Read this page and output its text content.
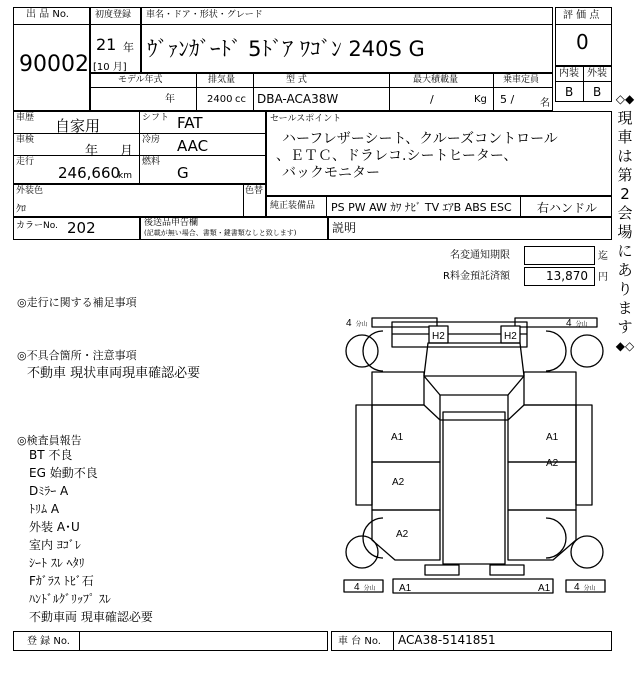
出 品 No.
90002
初度登録
21 年
[10 月]
車名・ドア・形状・グレード
ｳﾞｧﾝｶﾞｰﾄﾞ 5ﾄﾞｱ ﾜｺﾞﾝ 240S G
評 価 点
0
モデル年式
年
排気量
2400 cc
型 式
DBA-ACA38W
最大積載量
/	Kg
乗車定員
5 /	名
内装 外装
B B
車歴 自家用	シフト FAT
車検
年 月
冷房 AAC
走行
246,660
km
燃料
G
外装色
ｸﾛ
色替
カラーNo. 202	後送品申告欄
(記載が無い場合、書類・鍵書類なしと致します)
セールスポイント
ハーフレザーシート、クルーズコントロール
、ＥＴＣ、ドラレコ.シートヒーター、
バックモニター
純正装備品 PS PW AW ｶﾜ ﾅﾋﾞ TV ｴｱB ABS ESC 右ハンドル
説明
名変通知期限	迄
R料金預託済額	13,870 円
◇◆
現
車
は
第
2
会
場
に
あ
り
ま
す
◆◇
◎走行に関する補足事項
◎不具合箇所・注意事項
不動車 現状車両現車確認必要
◎検査員報告
BT 不良
EG 始動不良
Dﾐﾗｰ A
ﾄﾘﾑ A
外装 A･U
室内 ﾖｺﾞﾚ
ｼｰﾄ ｽﾚ ﾍﾀﾘ
Fｶﾞﾗｽ ﾄﾋﾞ石
ﾊﾝﾄﾞﾙｸﾞﾘｯﾌﾟ ｽﾚ
不動車両 現車確認必要
4 分山	4 分山
4 分山	4 分山
H2	H2
A1	A1
A2
A2
A2
A1	A1
登 録 No.	車 台 No. ACA38-5141851
